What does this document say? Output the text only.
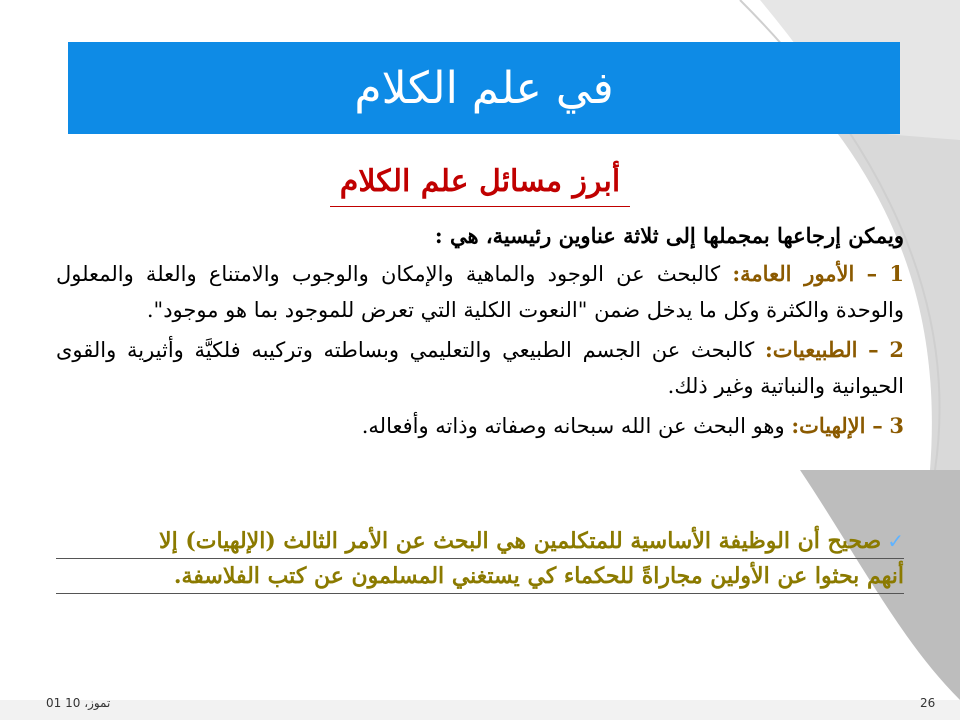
في علم الكلام
أبرز مسائل علم الكلام

ويمكن إرجاعها بمجملها إلى ثلاثة عناوين رئيسية، هي :

1 – الأمور العامة: كالبحث عن الوجود والماهية والإمكان والوجوب والامتناع والعلة والمعلول والوحدة والكثرة وكل ما يدخل ضمن "النعوت الكلية التي تعرض للموجود بما هو موجود".

2 – الطبيعيات: كالبحث عن الجسم الطبيعي والتعليمي وبساطته وتركيبه فلكيَّة وأثيرية والقوى الحيوانية والنباتية وغير ذلك.

3 – الإلهيات: وهو البحث عن الله سبحانه وصفاته وذاته وأفعاله.

✓صحيح أن الوظيفة الأساسية للمتكلمين هي البحث عن الأمر الثالث (الإلهيات) إلا
أنهم بحثوا عن الأولين مجاراةً للحكماء كي يستغني المسلمون عن كتب الفلاسفة.
01 تموز، 10	26
